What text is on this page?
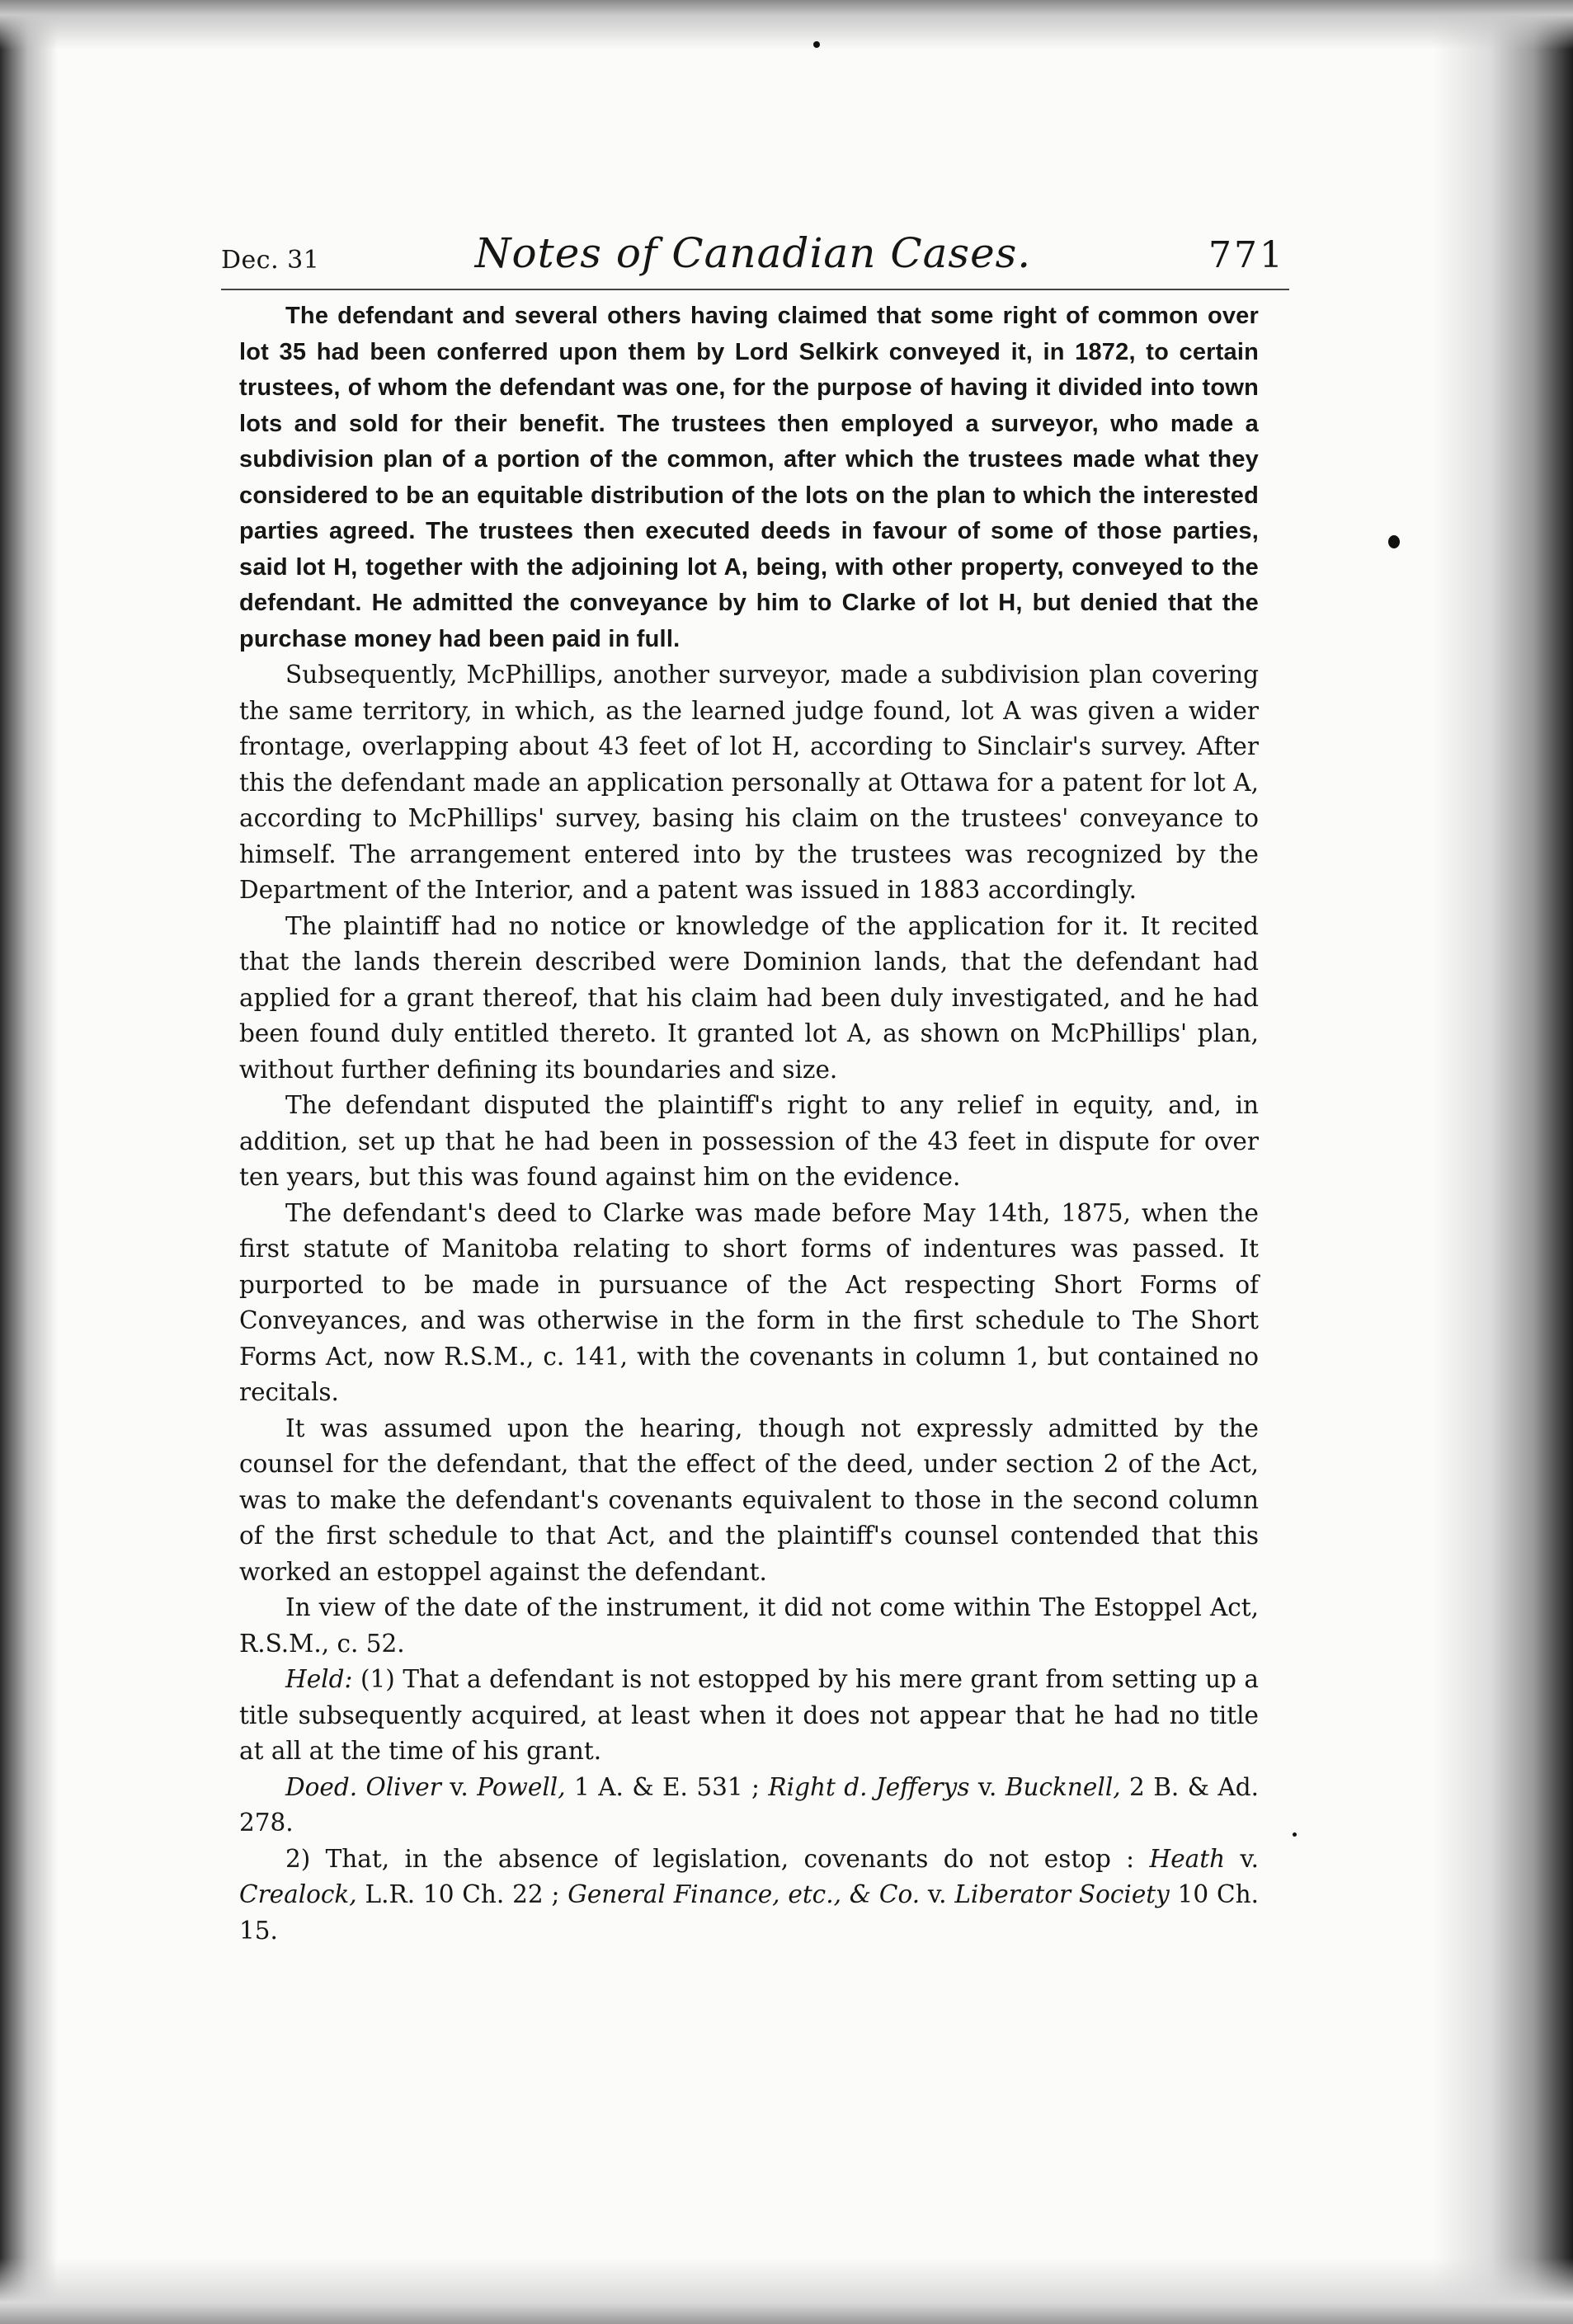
Dec. 31	Notes of Canadian Cases.	771

The defendant and several others having claimed that some right of common over lot 35 had been conferred upon them by Lord Selkirk conveyed it, in 1872, to certain trustees, of whom the defendant was one, for the purpose of having it divided into town lots and sold for their benefit. The trustees then employed a surveyor, who made a subdivision plan of a portion of the common, after which the trustees made what they considered to be an equitable distribution of the lots on the plan to which the interested parties agreed. The trustees then executed deeds in favour of some of those parties, said lot H, together with the adjoining lot A, being, with other property, conveyed to the defendant. He admitted the conveyance by him to Clarke of lot H, but denied that the purchase money had been paid in full.

Subsequently, McPhillips, another surveyor, made a subdivision plan covering the same territory, in which, as the learned judge found, lot A was given a wider frontage, overlapping about 43 feet of lot H, according to Sinclair's survey. After this the defendant made an application personally at Ottawa for a patent for lot A, according to McPhillips' survey, basing his claim on the trustees' conveyance to himself. The arrangement entered into by the trustees was recognized by the Department of the Interior, and a patent was issued in 1883 accordingly.

The plaintiff had no notice or knowledge of the application for it. It recited that the lands therein described were Dominion lands, that the defendant had applied for a grant thereof, that his claim had been duly investigated, and he had been found duly entitled thereto. It granted lot A, as shown on McPhillips' plan, without further defining its boundaries and size.

The defendant disputed the plaintiff's right to any relief in equity, and, in addition, set up that he had been in possession of the 43 feet in dispute for over ten years, but this was found against him on the evidence.

The defendant's deed to Clarke was made before May 14th, 1875, when the first statute of Manitoba relating to short forms of indentures was passed. It purported to be made in pursuance of the Act respecting Short Forms of Conveyances, and was otherwise in the form in the first schedule to The Short Forms Act, now R.S.M., c. 141, with the covenants in column 1, but contained no recitals.

It was assumed upon the hearing, though not expressly admitted by the counsel for the defendant, that the effect of the deed, under section 2 of the Act, was to make the defendant's covenants equivalent to those in the second column of the first schedule to that Act, and the plaintiff's counsel contended that this worked an estoppel against the defendant.

In view of the date of the instrument, it did not come within The Estoppel Act, R.S.M., c. 52.

Held: (1) That a defendant is not estopped by his mere grant from setting up a title subsequently acquired, at least when it does not appear that he had no title at all at the time of his grant.

Doed. Oliver v. Powell, 1 A. & E. 531 ; Right d. Jefferys v. Bucknell, 2 B. & Ad. 278.

2) That, in the absence of legislation, covenants do not estop : Heath v. Crealock, L.R. 10 Ch. 22 ; General Finance, etc., & Co. v. Liberator Society 10 Ch. 15.
